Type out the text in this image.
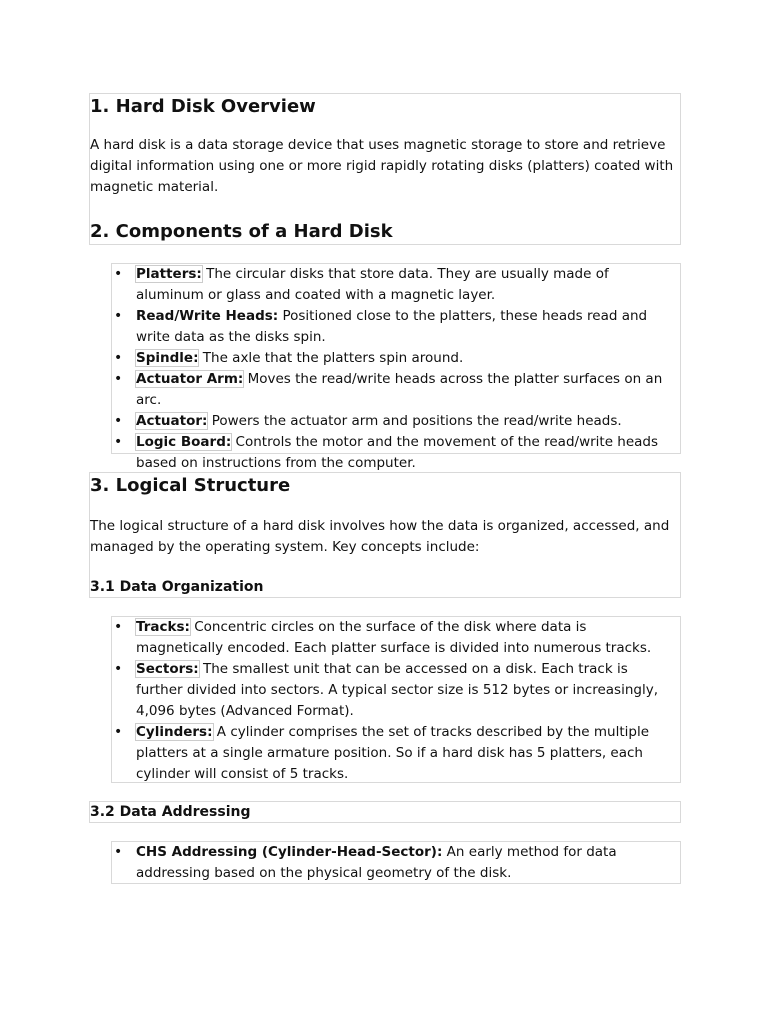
1. Hard Disk Overview

A hard disk is a data storage device that uses magnetic storage to store and retrieve digital information using one or more rigid rapidly rotating disks (platters) coated with magnetic material.

2. Components of a Hard Disk
• Platters: The circular disks that store data. They are usually made of aluminum or glass and coated with a magnetic layer.
• Read/Write Heads: Positioned close to the platters, these heads read and write data as the disks spin.
• Spindle: The axle that the platters spin around.
• Actuator Arm: Moves the read/write heads across the platter surfaces on an arc.
• Actuator: Powers the actuator arm and positions the read/write heads.
• Logic Board: Controls the motor and the movement of the read/write heads based on instructions from the computer.
3. Logical Structure

The logical structure of a hard disk involves how the data is organized, accessed, and managed by the operating system. Key concepts include:

3.1 Data Organization
• Tracks: Concentric circles on the surface of the disk where data is magnetically encoded. Each platter surface is divided into numerous tracks.
• Sectors: The smallest unit that can be accessed on a disk. Each track is further divided into sectors. A typical sector size is 512 bytes or increasingly, 4,096 bytes (Advanced Format).
• Cylinders: A cylinder comprises the set of tracks described by the multiple platters at a single armature position. So if a hard disk has 5 platters, each cylinder will consist of 5 tracks.
3.2 Data Addressing
• CHS Addressing (Cylinder-Head-Sector): An early method for data addressing based on the physical geometry of the disk.
